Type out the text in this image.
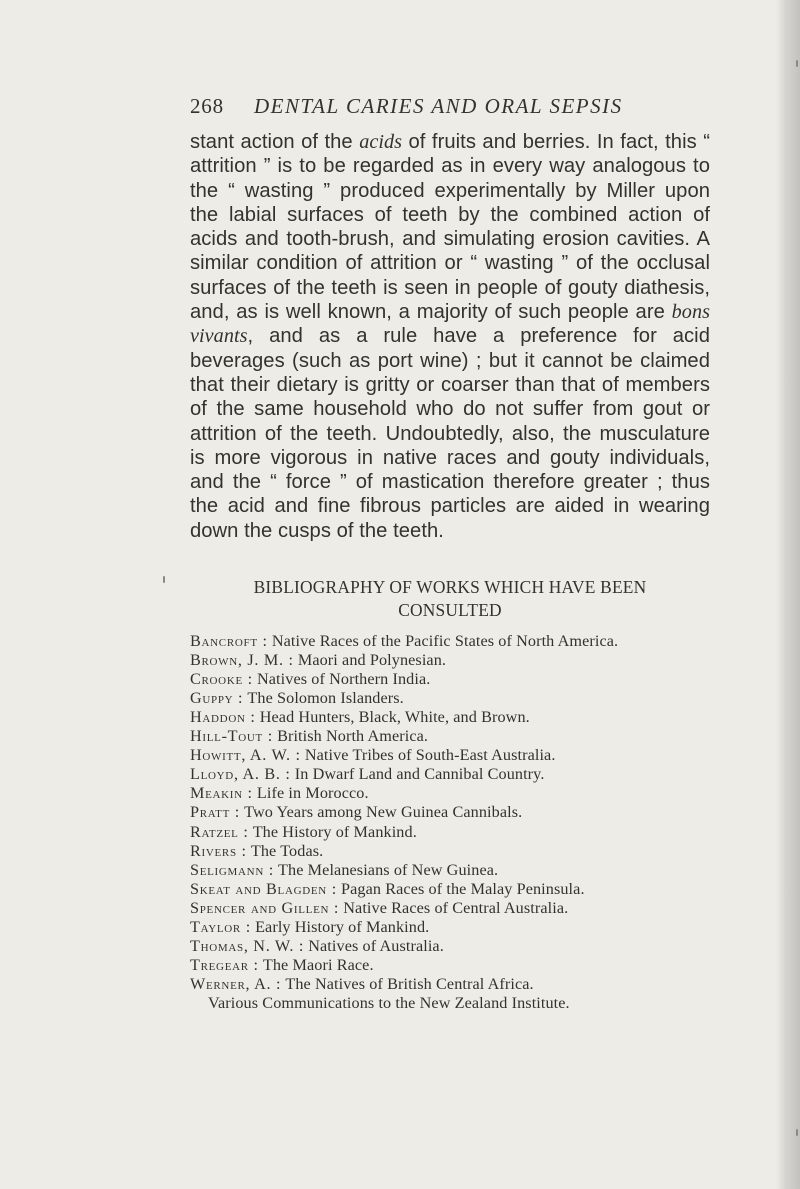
268	DENTAL CARIES AND ORAL SEPSIS

stant action of the acids of fruits and berries. In fact, this “ attrition ” is to be regarded as in every way analogous to the “ wasting ” produced experimentally by Miller upon the labial surfaces of teeth by the combined action of acids and tooth-brush, and simulating erosion cavities. A similar condition of attrition or “ wasting ” of the occlusal surfaces of the teeth is seen in people of gouty diathesis, and, as is well known, a majority of such people are bons vivants, and as a rule have a preference for acid beverages (such as port wine) ; but it cannot be claimed that their dietary is gritty or coarser than that of members of the same household who do not suffer from gout or attrition of the teeth. Undoubtedly, also, the musculature is more vigorous in native races and gouty individuals, and the “ force ” of mastication therefore greater ; thus the acid and fine fibrous particles are aided in wearing down the cusps of the teeth.

BIBLIOGRAPHY OF WORKS WHICH HAVE BEEN
CONSULTED
Bancroft : Native Races of the Pacific States of North America.
Brown, J. M. : Maori and Polynesian.
Crooke : Natives of Northern India.
Guppy : The Solomon Islanders.
Haddon : Head Hunters, Black, White, and Brown.
Hill-Tout : British North America.
Howitt, A. W. : Native Tribes of South-East Australia.
Lloyd, A. B. : In Dwarf Land and Cannibal Country.
Meakin : Life in Morocco.
Pratt : Two Years among New Guinea Cannibals.
Ratzel : The History of Mankind.
Rivers : The Todas.
Seligmann : The Melanesians of New Guinea.
Skeat and Blagden : Pagan Races of the Malay Peninsula.
Spencer and Gillen : Native Races of Central Australia.
Taylor : Early History of Mankind.
Thomas, N. W. : Natives of Australia.
Tregear : The Maori Race.
Werner, A. : The Natives of British Central Africa.
Various Communications to the New Zealand Institute.
